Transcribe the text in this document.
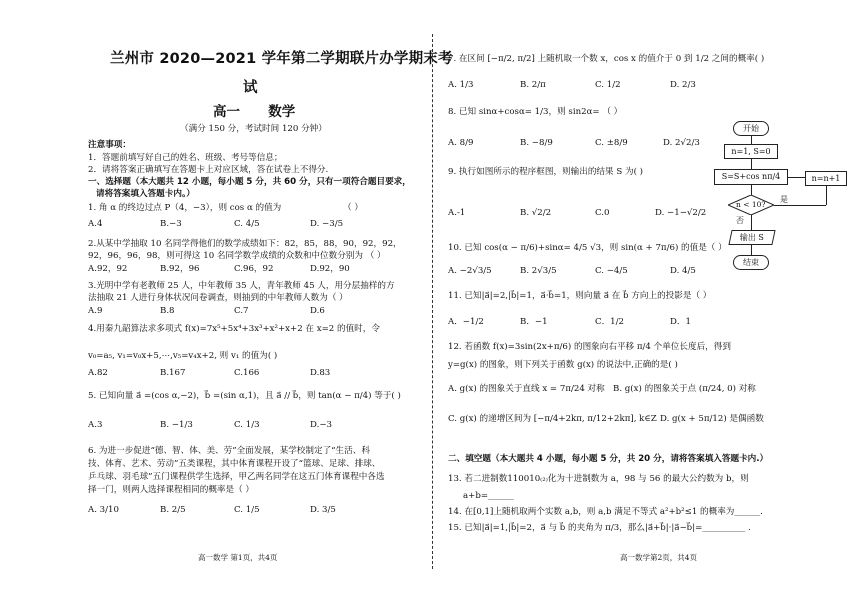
兰州市 2020—2021 学年第二学期联片办学期末考
试
高一      数学
（满分 150 分，考试时间 120 分钟）
注意事项：
1．答题前填写好自己的姓名、班级、考号等信息；
2．请将答案正确填写在答题卡上对应区域，答在试卷上不得分.
一、选择题（本大题共 12 小题，每小题 5 分，共 60 分，只有一项符合题目要求，
请将答案填入答题卡内。）
1. 角 α 的终边过点 P（4，−3），则 cos α 的值为	（ ）
A.4	B.−3	C. 4/5	D. −3/5
2.从某中学抽取 10 名同学得他们的数学成绩如下：82，85，88，90，92，92，
92，96，96，98，则可得这 10 名同学数学成绩的众数和中位数分别为 （ ）
A.92，92	B.92，96	C.96，92	D.92，90
3.光明中学有老教师 25 人，中年教师 35 人，青年教师 45 人，用分层抽样的方
法抽取 21 人进行身体状况问卷调查，则抽到的中年教师人数为（ ）
A.9	B.8	C.7	D.6
4.用秦九韶算法求多项式 f(x)=7x⁵+5x⁴+3x³+x²+x+2 在 x=2 的值时，令
v₀=a₅, v₁=v₀x+5,⋯,v₅=v₄x+2, 则 v₁ 的值为( )
A.82	B.167	C.166	D.83
5. 已知向量 a⃗ =(cos α,−2)，b⃗ =(sin α,1)，且 a⃗ // b⃗，则 tan(α − π/4) 等于( )
A.3	B. −1/3	C. 1/3	D.−3
6. 为进一步促进“德、智、体、美、劳”全面发展，某学校制定了“生活、科
技、体育、艺术、劳动”五类课程，其中体育课程开设了“篮球、足球、排球、
乒乓球、羽毛球”五门课程供学生选择，甲乙两名同学在这五门体育课程中各选
择一门，则两人选择课程相同的概率是（ ）
A. 3/10	B. 2/5	C. 1/5	D. 3/5
高一数学 第1页，共4页
7. 在区间 [−π/2, π/2] 上随机取一个数 x，cos x 的值介于 0 到 1/2 之间的概率( )
A. 1/3	B. 2/π	C. 1/2	D. 2/3
8. 已知 sinα+cosα= 1/3，则 sin2α= （ ）
A. 8/9	B. −8/9	C. ±8/9	D. 2√2/3
9. 执行如图所示的程序框图，则输出的结果 S 为( )
A.-1	B. √2/2	C.0	D. −1−√2/2
10. 已知 cos(α − π/6)+sinα= 4/5 √3，则 sin(α + 7π/6) 的值是（ ）
A. −2√3/5	B. 2√3/5	C. −4/5	D. 4/5
11. 已知|a⃗|=2,|b⃗|=1，a⃗·b⃗=1，则向量 a⃗ 在 b⃗ 方向上的投影是（ ）
A．−1/2	B．−1	C．1/2	D．1
12. 若函数 f(x)=3sin(2x+π/6) 的图象向右平移 π/4 个单位长度后，得到
y=g(x) 的图象，则下列关于函数 g(x) 的说法中,正确的是( )
A. g(x) 的图象关于直线 x = 7π/24 对称 B. g(x) 的图象关于点 (π/24, 0) 对称
C. g(x) 的递增区间为 [−π/4+2kπ, π/12+2kπ], k∈Z D. g(x + 5π/12) 是偶函数
二、填空题（本大题共 4 小题，每小题 5 分，共 20 分，请将答案填入答题卡内.）
13. 若二进制数110010₍₂₎化为十进制数为 a，98 与 56 的最大公约数为 b，则
a+b=______
14. 在[0,1]上随机取两个实数 a,b，则 a,b 满足不等式 a²+b²≤1 的概率为______.
15. 已知|a⃗|=1,|b⃗|=2，a⃗ 与 b⃗ 的夹角为 π/3，那么|a⃗+b⃗|·|a⃗−b⃗|=__________ .
高一数学第2页，共4页
开始
n=1, S=0
S=S+cos nπ/4	n=n+1
n < 10?
是
否
输出 S
结束
